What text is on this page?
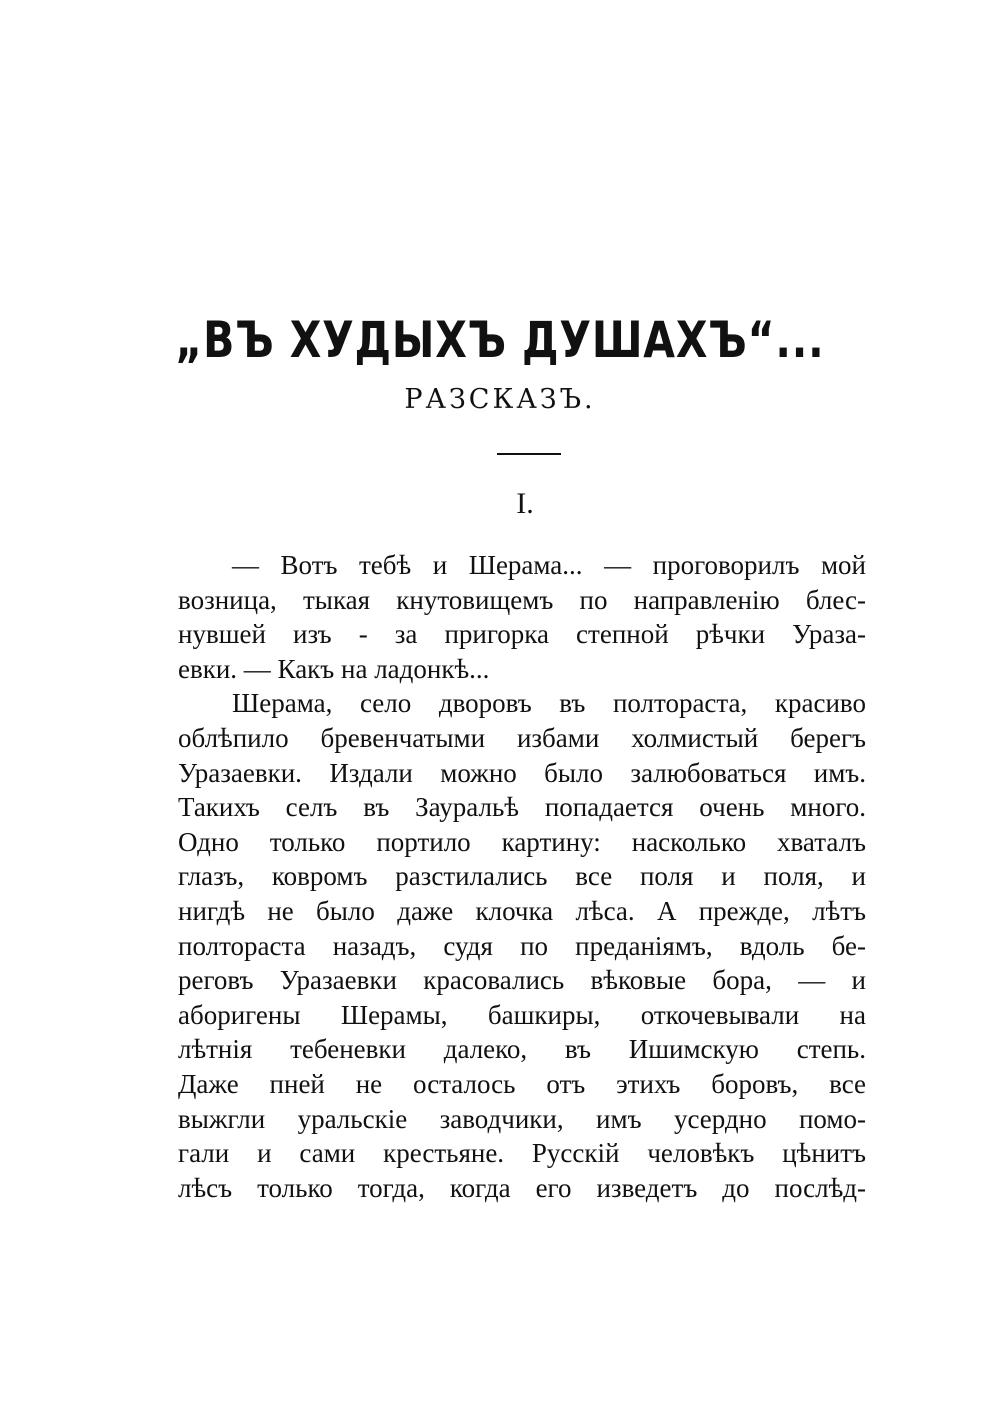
„ВЪ ХУДЫХЪ ДУШАХЪ“...
РАЗСКАЗЪ.
I.
— Вотъ тебѣ и Шерама... — проговорилъ мой
возница, тыкая кнутовищемъ по направленію блес-
нувшей изъ - за пригорка степной рѣчки Ураза-
евки. — Какъ на ладонкѣ...
Шерама, село дворовъ въ полтораста, красиво
облѣпило бревенчатыми избами холмистый берегъ
Уразаевки. Издали можно было залюбоваться имъ.
Такихъ селъ въ Зауральѣ попадается очень много.
Одно только портило картину: насколько хваталъ
глазъ, ковромъ разстилались все поля и поля, и
нигдѣ не было даже клочка лѣса. А прежде, лѣтъ
полтораста назадъ, судя по преданіямъ, вдоль бе-
реговъ Уразаевки красовались вѣковые бора, — и
аборигены Шерамы, башкиры, откочевывали на
лѣтнія тебеневки далеко, въ Ишимскую степь.
Даже пней не осталось отъ этихъ боровъ, все
выжгли уральскіе заводчики, имъ усердно помо-
гали и сами крестьяне. Русскій человѣкъ цѣнитъ
лѣсъ только тогда, когда его изведетъ до послѣд-
